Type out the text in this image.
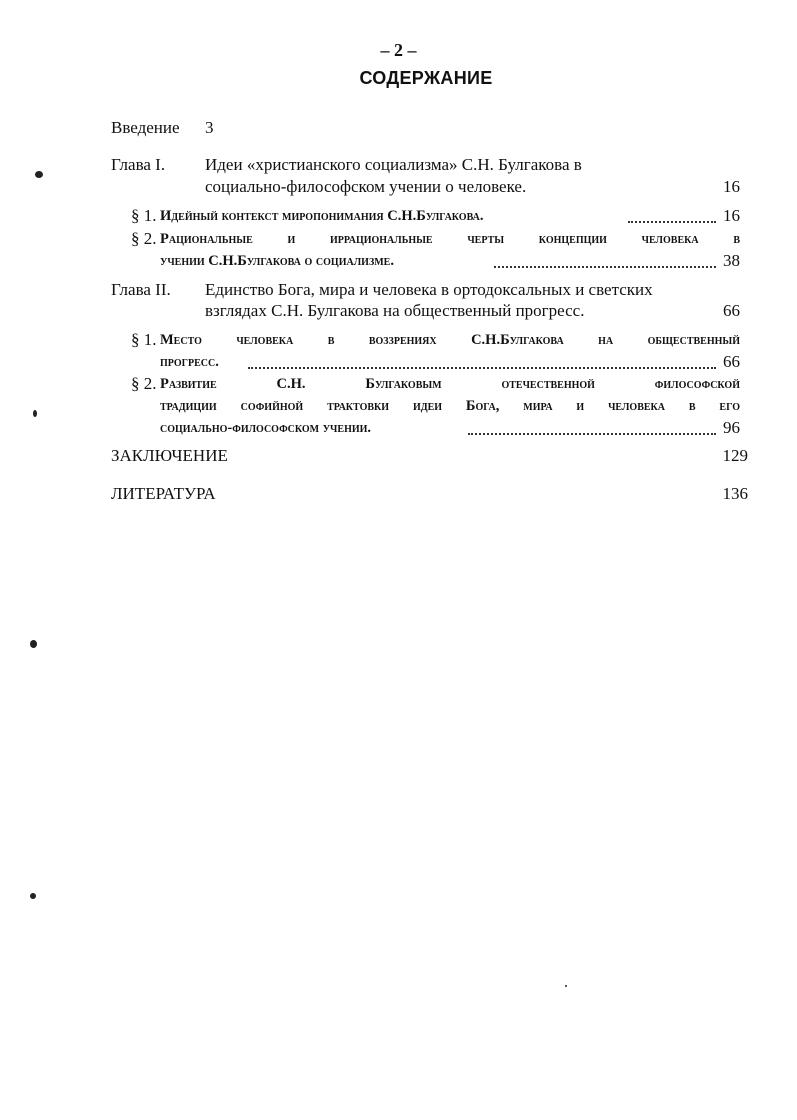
– 2 –
СОДЕРЖАНИЕ
Введение 3
Глава I. Идеи «христианского социализма» С.Н. Булгакова в
социально-философском учении о человеке.	16
§ 1. Идейный контекст миропонимания С.Н.Булгакова.	16
§ 2. Рациональные и иррациональные черты концепции человека в
учении С.Н.Булгакова о социализме.	38
Глава II. Единство Бога, мира и человека в ортодоксальных и светских
взглядах С.Н. Булгакова на общественный прогресс.	66
§ 1. Место человека в воззрениях С.Н.Булгакова на общественный
прогресс.	66
§ 2. Развитие С.Н. Булгаковым отечественной философской
традиции софийной трактовки идеи Бога, мира и человека в его
социально-философском учении.	96
ЗАКЛЮЧЕНИЕ	129
ЛИТЕРАТУРА	136
